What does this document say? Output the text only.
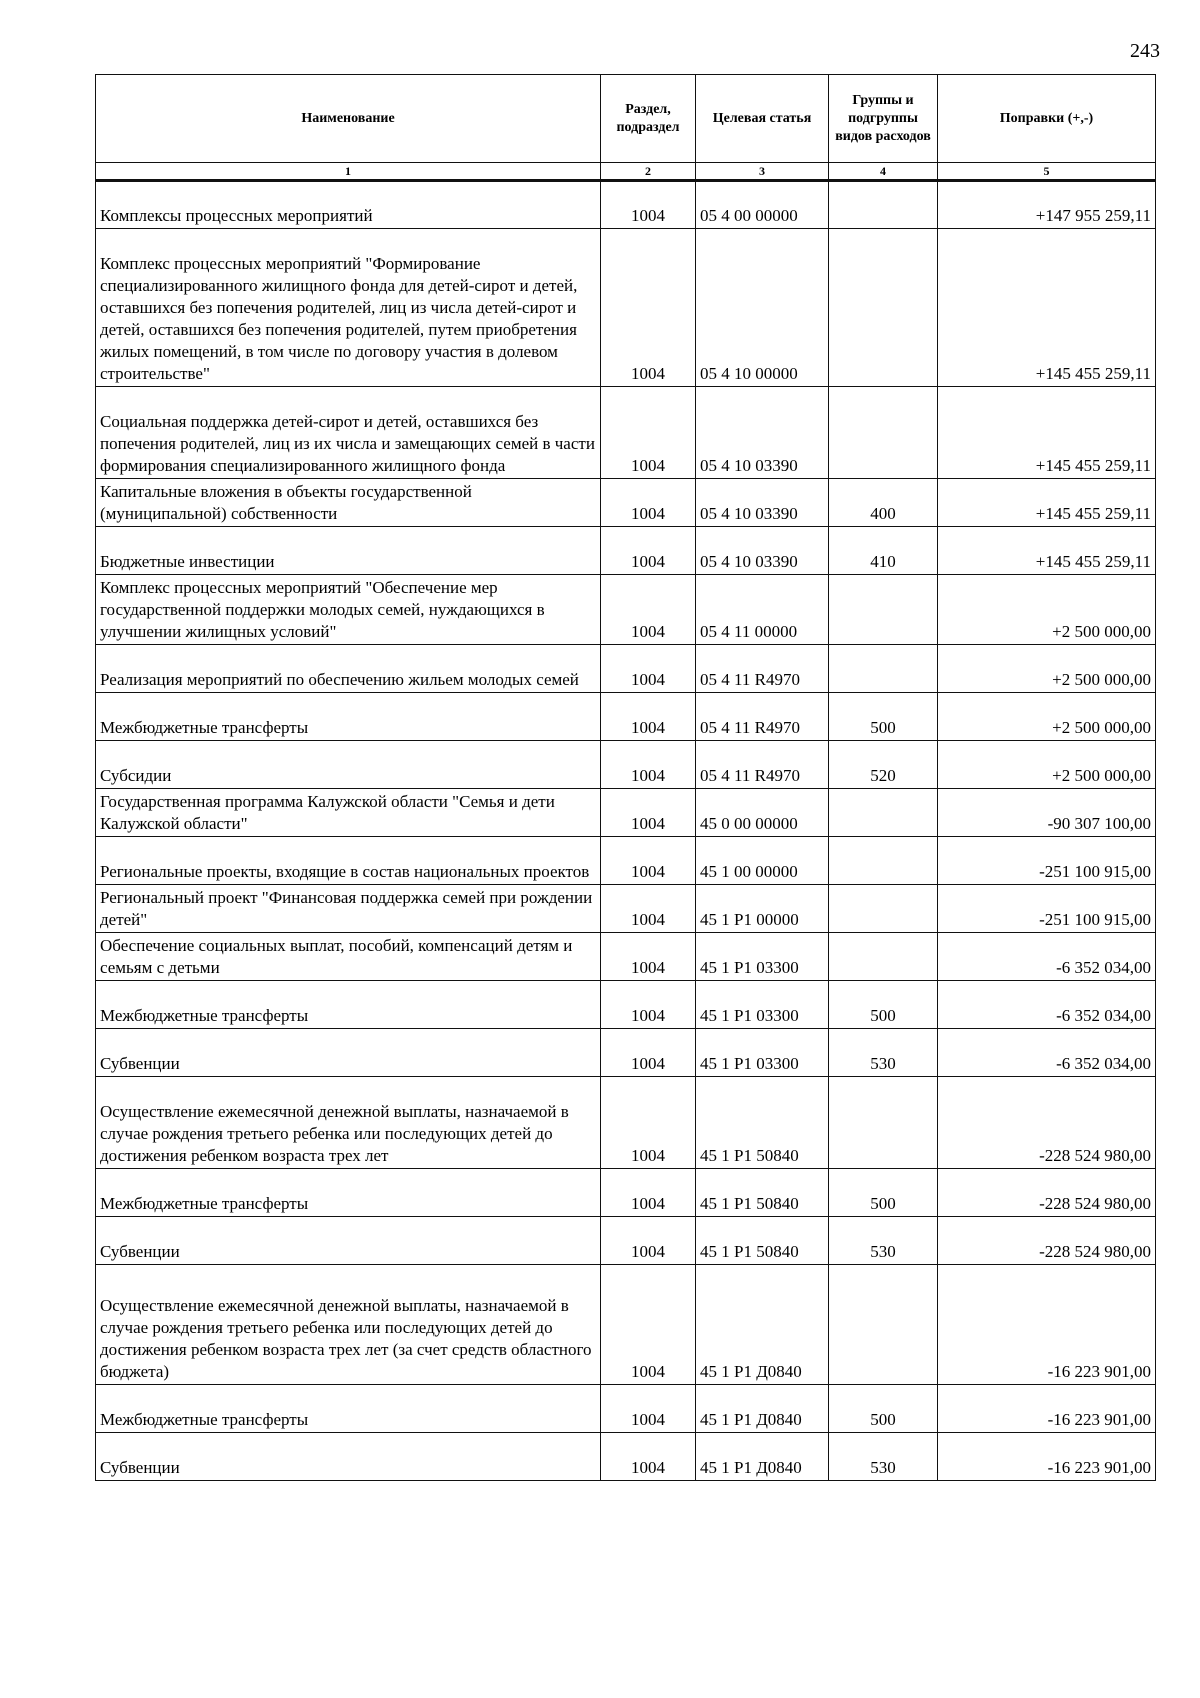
243
Наименование	Раздел, подраздел	Целевая статья	Группы и подгруппы видов расходов	Поправки (+,-)
1	2	3	4	5
Комплексы процессных мероприятий	1004	05 4 00 00000		+147 955 259,11
Комплекс процессных мероприятий "Формирование специализированного жилищного фонда для детей-сирот и детей, оставшихся без попечения родителей, лиц из числа детей-сирот и детей, оставшихся без попечения родителей, путем приобретения жилых помещений, в том числе по договору участия в долевом строительстве"	1004	05 4 10 00000		+145 455 259,11
Социальная поддержка детей-сирот и детей, оставшихся без попечения родителей, лиц из их числа и замещающих семей в части формирования специализированного жилищного фонда	1004	05 4 10 03390		+145 455 259,11
Капитальные вложения в объекты государственной (муниципальной) собственности	1004	05 4 10 03390	400	+145 455 259,11
Бюджетные инвестиции	1004	05 4 10 03390	410	+145 455 259,11
Комплекс процессных мероприятий "Обеспечение мер государственной поддержки молодых семей, нуждающихся в улучшении жилищных условий"	1004	05 4 11 00000		+2 500 000,00
Реализация мероприятий по обеспечению жильем молодых семей	1004	05 4 11 R4970		+2 500 000,00
Межбюджетные трансферты	1004	05 4 11 R4970	500	+2 500 000,00
Субсидии	1004	05 4 11 R4970	520	+2 500 000,00
Государственная программа Калужской области "Семья и дети Калужской области"	1004	45 0 00 00000		-90 307 100,00
Региональные проекты, входящие в состав национальных проектов	1004	45 1 00 00000		-251 100 915,00
Региональный проект "Финансовая поддержка семей при рождении детей"	1004	45 1 P1 00000		-251 100 915,00
Обеспечение социальных выплат, пособий, компенсаций детям и семьям с детьми	1004	45 1 P1 03300		-6 352 034,00
Межбюджетные трансферты	1004	45 1 P1 03300	500	-6 352 034,00
Субвенции	1004	45 1 P1 03300	530	-6 352 034,00
Осуществление ежемесячной денежной выплаты, назначаемой в случае рождения третьего ребенка или последующих детей до достижения ребенком возраста трех лет	1004	45 1 P1 50840		-228 524 980,00
Межбюджетные трансферты	1004	45 1 P1 50840	500	-228 524 980,00
Субвенции	1004	45 1 P1 50840	530	-228 524 980,00
Осуществление ежемесячной денежной выплаты, назначаемой в случае рождения третьего ребенка или последующих детей до достижения ребенком возраста трех лет (за счет средств областного бюджета)	1004	45 1 P1 Д0840		-16 223 901,00
Межбюджетные трансферты	1004	45 1 P1 Д0840	500	-16 223 901,00
Субвенции	1004	45 1 P1 Д0840	530	-16 223 901,00
